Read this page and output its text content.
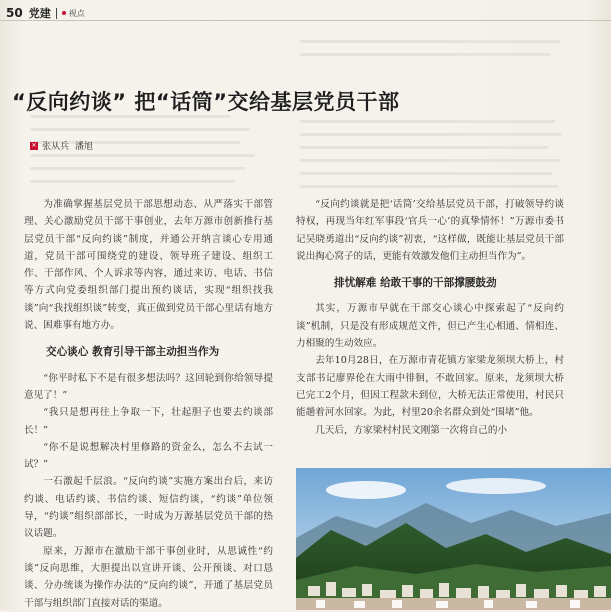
50 党建 视点
“反向约谈” 把“话筒”交给基层党员干部
✕ 张从兵 潘旭

为准确掌握基层党员干部思想动态、从严落实干部管理、关心激励党员干部干事创业，去年万源市创新推行基层党员干部“反向约谈”制度，并通公开纳言谈心专用通道，党员干部可围绕党的建设、领导班子建设、组织工作、干部作风、个人诉求等内容，通过来访、电话、书信等方式向党委组织部门提出预约谈话，实现“组织找我谈”向“我找组织谈”转变，真正做到党员干部心里话有地方说、困难事有地方办。

交心谈心 教育引导干部主动担当作为

“你平时私下不是有很多想法吗？这回轮到你给领导提意见了！”

“我只是想再往上争取一下，壮起胆子也要去约谈部长！”

“你不是说想解决村里修路的资金么，怎么不去试一试？”

一石激起千层浪。“反向约谈”实施方案出台后，来访约谈、电话约谈、书信约谈、短信约谈，“约谈”单位领导，“约谈”组织部部长，一时成为万源基层党员干部的热议话题。

原来，万源市在激励干部干事创业时，从思诚性“约谈”反向思维，大胆提出以宣讲开谈、公开预谈、对口恳谈、分办统谈为操作办法的“反向约谈”，开通了基层党员干部与组织部门直接对话的渠道。

“反向约谈就是把‘话筒’交给基层党员干部，打破领导约谈特权，再现当年红军事段‘官兵一心’的真挚情怀！”万源市委书记吴晓勇道出“反向约谈”初衷，“这样做，既能让基层党员干部说出掏心窝子的话，更能有效激发他们主动担当作为”。

排忧解难 给敢干事的干部撑腰鼓劲

其实，万源市早就在干部交心谈心中探索起了“反向约谈”机制，只是没有形成规范文件，但已产生心相通、情相连、力相聚的生动效应。

去年10月28日，在万源市青花镇方家梁龙须坝大桥上，村支部书记廖界伦在大雨中徘徊，不敢回家。原来，龙须坝大桥已完工2个月，但因工程款未到位，大桥无法正常使用，村民只能趟着河水回家。为此，村里20余名群众到处“围堵”他。

几天后，方家梁村村民文刚第一次将自己的小
